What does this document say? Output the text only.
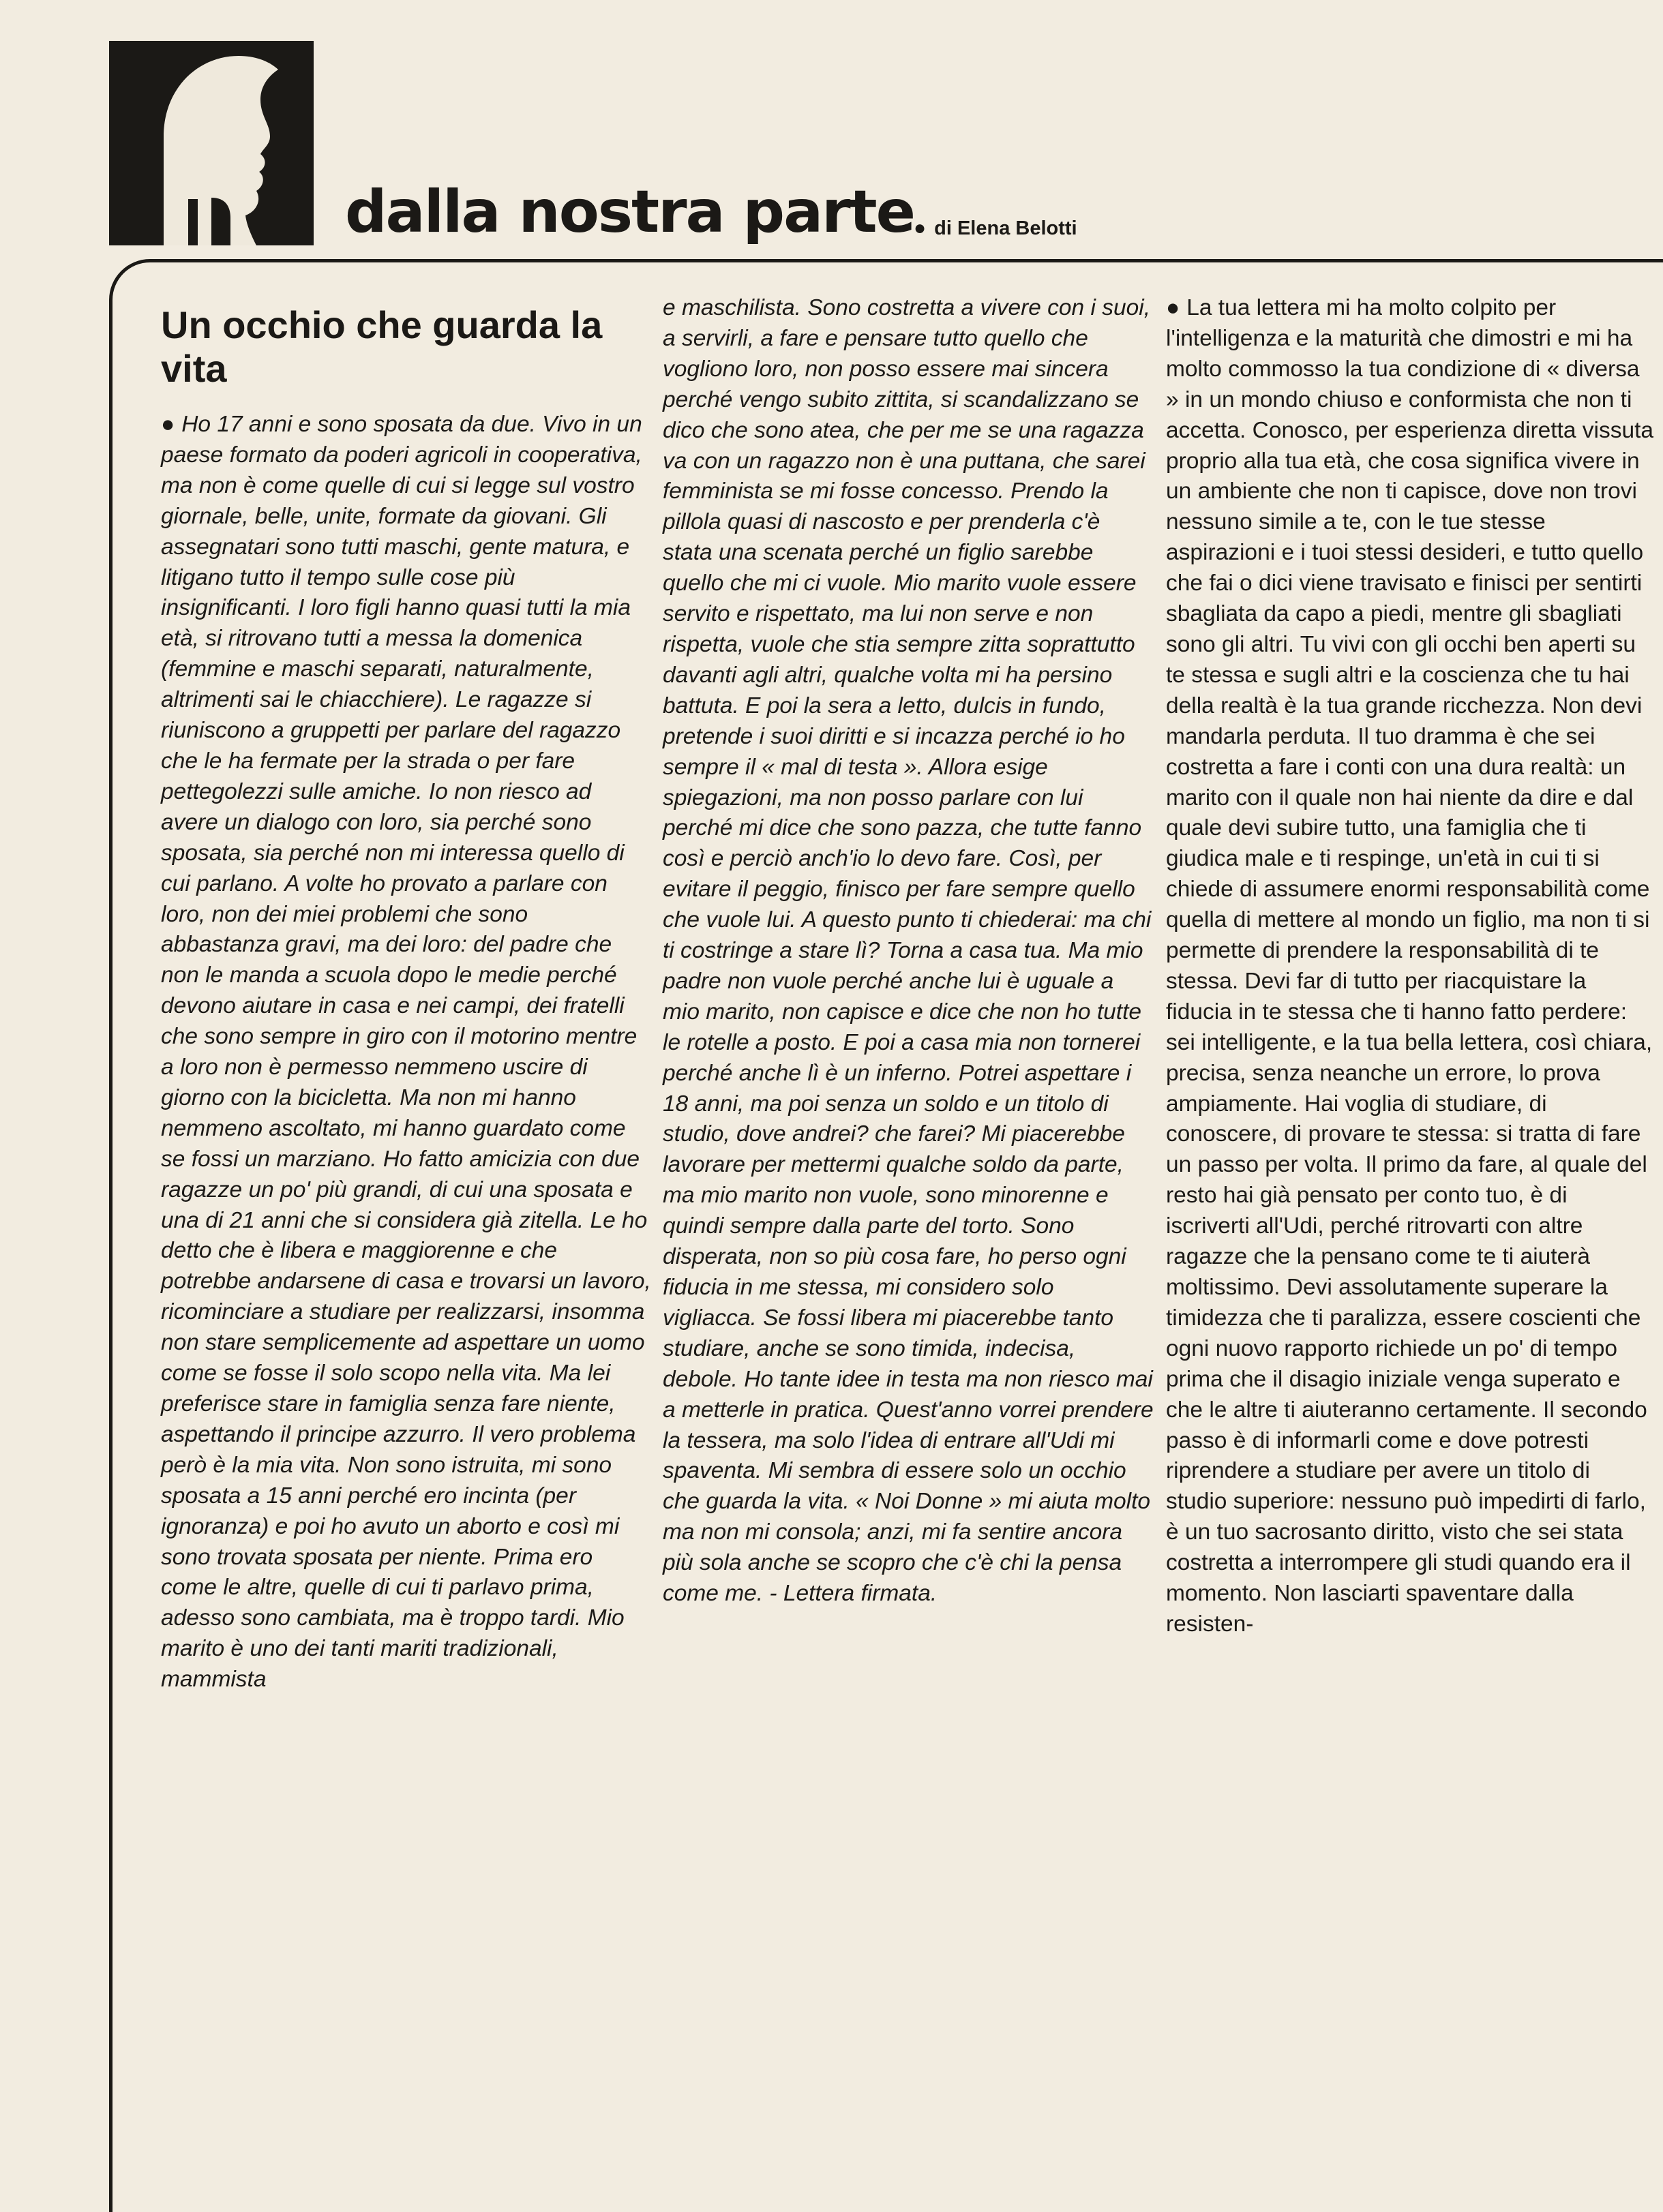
dalla nostra parte ● di Elena Belotti
Un occhio che guarda la vita

● Ho 17 anni e sono sposata da due. Vivo in un paese formato da poderi agricoli in cooperativa, ma non è come quelle di cui si legge sul vostro giornale, belle, unite, formate da giovani. Gli assegnatari sono tutti maschi, gente matura, e litigano tutto il tempo sulle cose più insignificanti. I loro figli hanno quasi tutti la mia età, si ritrovano tutti a messa la domenica (femmine e maschi separati, naturalmente, altrimenti sai le chiacchiere). Le ragazze si riuniscono a gruppetti per parlare del ragazzo che le ha fermate per la strada o per fare pettegolezzi sulle amiche. Io non riesco ad avere un dialogo con loro, sia perché sono sposata, sia perché non mi interessa quello di cui parlano. A volte ho provato a parlare con loro, non dei miei problemi che sono abbastanza gravi, ma dei loro: del padre che non le manda a scuola dopo le medie perché devono aiutare in casa e nei campi, dei fratelli che sono sempre in giro con il motorino mentre a loro non è permesso nemmeno uscire di giorno con la bicicletta. Ma non mi hanno nemmeno ascoltato, mi hanno guardato come se fossi un marziano. Ho fatto amicizia con due ragazze un po' più grandi, di cui una sposata e una di 21 anni che si considera già zitella. Le ho detto che è libera e maggiorenne e che potrebbe andarsene di casa e trovarsi un lavoro, ricominciare a studiare per realizzarsi, insomma non stare semplicemente ad aspettare un uomo come se fosse il solo scopo nella vita. Ma lei preferisce stare in famiglia senza fare niente, aspettando il principe azzurro. Il vero problema però è la mia vita. Non sono istruita, mi sono sposata a 15 anni perché ero incinta (per ignoranza) e poi ho avuto un aborto e così mi sono trovata sposata per niente. Prima ero come le altre, quelle di cui ti parlavo prima, adesso sono cambiata, ma è troppo tardi. Mio marito è uno dei tanti mariti tradizionali, mammista

e maschilista. Sono costretta a vivere con i suoi, a servirli, a fare e pensare tutto quello che vogliono loro, non posso essere mai sincera perché vengo subito zittita, si scandalizzano se dico che sono atea, che per me se una ragazza va con un ragazzo non è una puttana, che sarei femminista se mi fosse concesso. Prendo la pillola quasi di nascosto e per prenderla c'è stata una scenata perché un figlio sarebbe quello che mi ci vuole. Mio marito vuole essere servito e rispettato, ma lui non serve e non rispetta, vuole che stia sempre zitta soprattutto davanti agli altri, qualche volta mi ha persino battuta. E poi la sera a letto, dulcis in fundo, pretende i suoi diritti e si incazza perché io ho sempre il « mal di testa ». Allora esige spiegazioni, ma non posso parlare con lui perché mi dice che sono pazza, che tutte fanno così e perciò anch'io lo devo fare. Così, per evitare il peggio, finisco per fare sempre quello che vuole lui. A questo punto ti chiederai: ma chi ti costringe a stare lì? Torna a casa tua. Ma mio padre non vuole perché anche lui è uguale a mio marito, non capisce e dice che non ho tutte le rotelle a posto. E poi a casa mia non tornerei perché anche lì è un inferno. Potrei aspettare i 18 anni, ma poi senza un soldo e un titolo di studio, dove andrei? che farei? Mi piacerebbe lavorare per mettermi qualche soldo da parte, ma mio marito non vuole, sono minorenne e quindi sempre dalla parte del torto. Sono disperata, non so più cosa fare, ho perso ogni fiducia in me stessa, mi considero solo vigliacca. Se fossi libera mi piacerebbe tanto studiare, anche se sono timida, indecisa, debole. Ho tante idee in testa ma non riesco mai a metterle in pratica. Quest'anno vorrei prendere la tessera, ma solo l'idea di entrare all'Udi mi spaventa. Mi sembra di essere solo un occhio che guarda la vita. « Noi Donne » mi aiuta molto ma non mi consola; anzi, mi fa sentire ancora più sola anche se scopro che c'è chi la pensa come me. - Lettera firmata.

● La tua lettera mi ha molto colpito per l'intelligenza e la maturità che dimostri e mi ha molto commosso la tua condizione di « diversa » in un mondo chiuso e conformista che non ti accetta. Conosco, per esperienza diretta vissuta proprio alla tua età, che cosa significa vivere in un ambiente che non ti capisce, dove non trovi nessuno simile a te, con le tue stesse aspirazioni e i tuoi stessi desideri, e tutto quello che fai o dici viene travisato e finisci per sentirti sbagliata da capo a piedi, mentre gli sbagliati sono gli altri. Tu vivi con gli occhi ben aperti su te stessa e sugli altri e la coscienza che tu hai della realtà è la tua grande ricchezza. Non devi mandarla perduta. Il tuo dramma è che sei costretta a fare i conti con una dura realtà: un marito con il quale non hai niente da dire e dal quale devi subire tutto, una famiglia che ti giudica male e ti respinge, un'età in cui ti si chiede di assumere enormi responsabilità come quella di mettere al mondo un figlio, ma non ti si permette di prendere la responsabilità di te stessa. Devi far di tutto per riacquistare la fiducia in te stessa che ti hanno fatto perdere: sei intelligente, e la tua bella lettera, così chiara, precisa, senza neanche un errore, lo prova ampiamente. Hai voglia di studiare, di conoscere, di provare te stessa: si tratta di fare un passo per volta. Il primo da fare, al quale del resto hai già pensato per conto tuo, è di iscriverti all'Udi, perché ritrovarti con altre ragazze che la pensano come te ti aiuterà moltissimo. Devi assolutamente superare la timidezza che ti paralizza, essere coscienti che ogni nuovo rapporto richiede un po' di tempo prima che il disagio iniziale venga superato e che le altre ti aiuteranno certamente. Il secondo passo è di informarli come e dove potresti riprendere a studiare per avere un titolo di studio superiore: nessuno può impedirti di farlo, è un tuo sacrosanto diritto, visto che sei stata costretta a interrompere gli studi quando era il momento. Non lasciarti spaventare dalla resisten-
